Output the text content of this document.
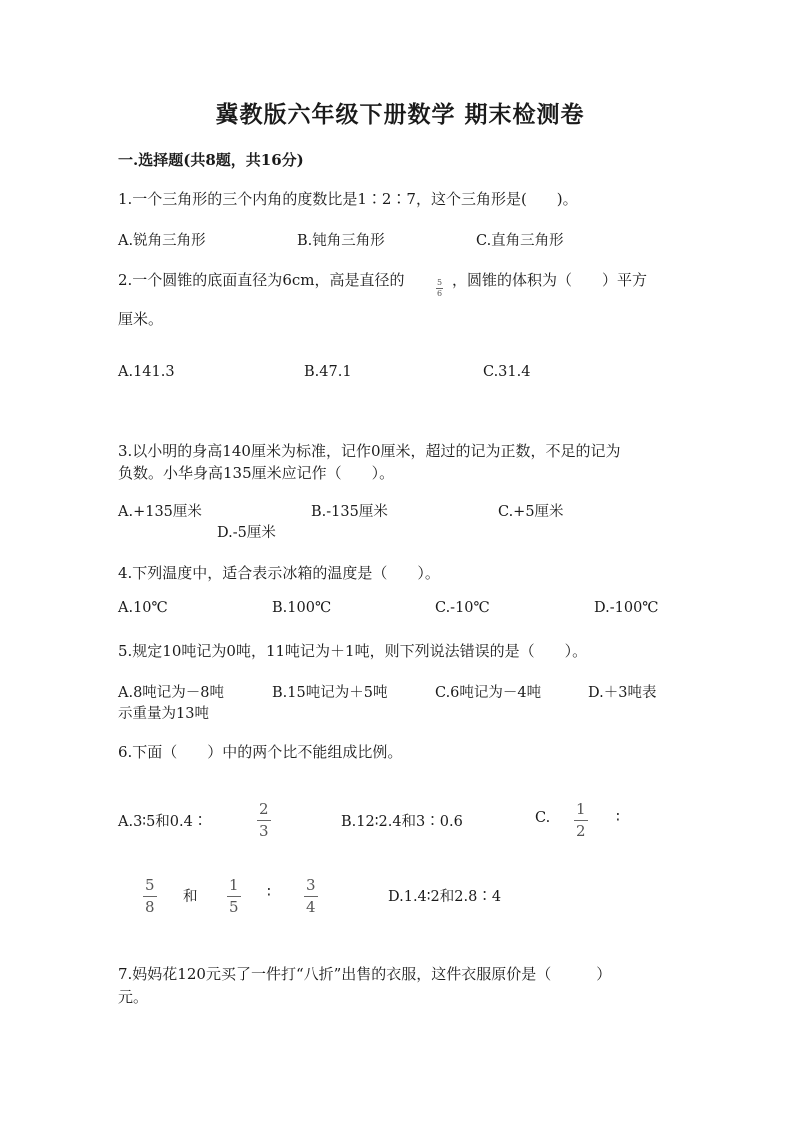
冀教版六年级下册数学 期末检测卷
一.选择题(共8题，共16分)
1.一个三角形的三个内角的度数比是1∶2∶7，这个三角形是(　　)。
A.锐角三角形	B.钝角三角形	C.直角三角形
2.一个圆锥的底面直径为6cm，高是直径的	$\frac{5}{6}$ ，圆锥的体积为（　　）平方
厘米。
A.141.3	B.47.1	C.31.4
3.以小明的身高140厘米为标准，记作0厘米，超过的记为正数，不足的记为
负数。小华身高135厘米应记作（　　）。
A.+135厘米	B.-135厘米	C.+5厘米
D.-5厘米
4.下列温度中，适合表示冰箱的温度是（　　）。
A.10℃	B.100℃	C.-10℃	D.-100℃
5.规定10吨记为0吨，11吨记为＋1吨，则下列说法错误的是（　　）。
A.8吨记为－8吨	B.15吨记为＋5吨	C.6吨记为－4吨	D.＋3吨表
示重量为13吨
6.下面（　　）中的两个比不能组成比例。
A.3∶5和0.4∶	$\frac{2}{3}$	B.12∶2.4和3∶0.6	C. $\frac{1}{2}$ ∶
$\frac{5}{8}$ 和 $\frac{1}{5}$ ∶ $\frac{3}{4}$	D.1.4∶2和2.8∶4
7.妈妈花120元买了一件打“八折”出售的衣服，这件衣服原价是（　　　）
元。
